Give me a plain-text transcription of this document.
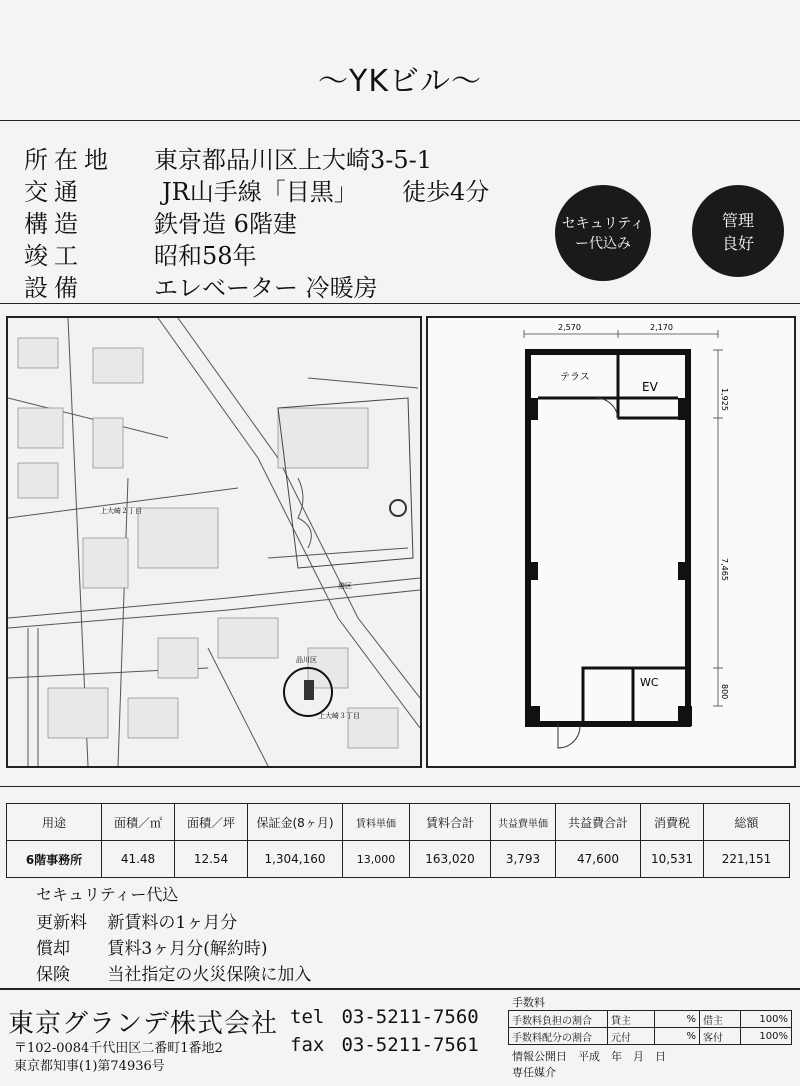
〜YKビル〜
所在地	東京都品川区上大崎3-5-1
交通	JR山手線「目黒」	徒歩4分
構造	鉄骨造 6階建
竣工	昭和58年
設備	エレベーター 冷暖房
セキュリティ
ー代込み
管理
良好
上大崎２丁目
港区
品川区
上大崎３丁目
2,570	2,170
1,925
7,465
800
テラス
EV
WC
用途	面積／㎡	面積／坪	保証金(8ヶ月)	賃料単価	賃料合計	共益費単価	共益費合計	消費税	総額
6階事務所	41.48	12.54	1,304,160	13,000	163,020	3,793	47,600	10,531	221,151
セキュリティー代込
更新料 新賃料の1ヶ月分
償却 賃料3ヶ月分(解約時)
保険 当社指定の火災保険に加入
東京グランデ株式会社
〒102-0084千代田区二番町1番地2
東京都知事(1)第74936号
tel 03-5211-7560
fax 03-5211-7561
手数料
手数料負担の割合	貸主	%	借主	100%
手数料配分の割合	元付	%	客付	100%
情報公開日　平成　年　月　日
専任媒介
